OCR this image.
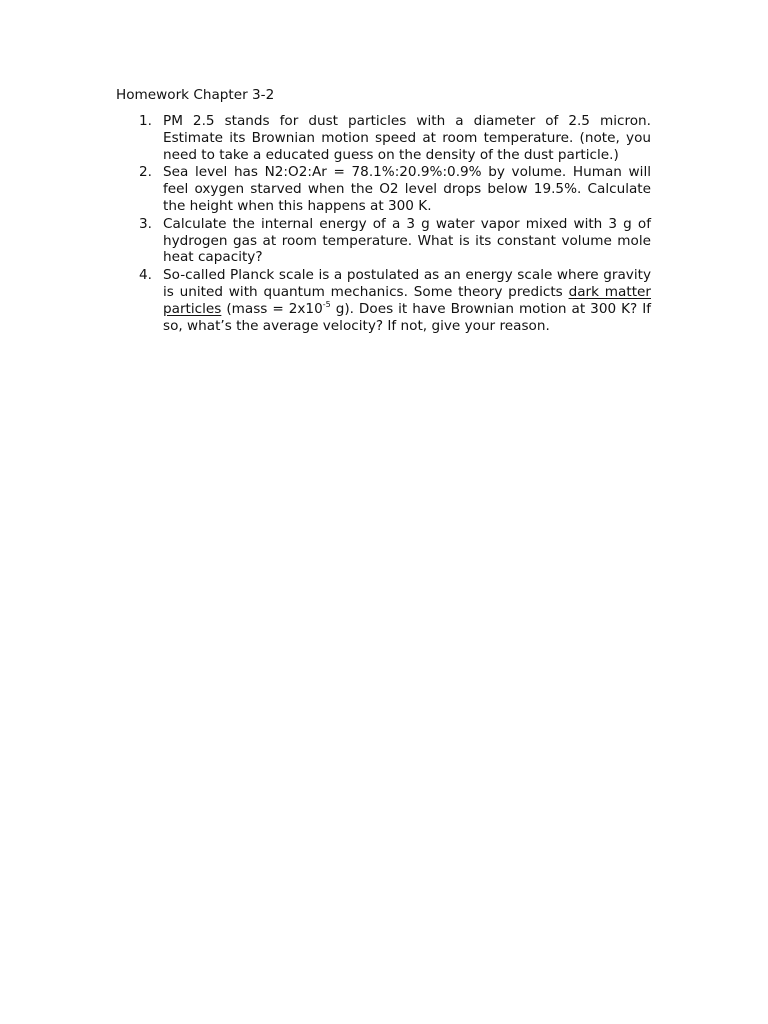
Homework Chapter 3-2
1. PM 2.5 stands for dust particles with a diameter of 2.5 micron. Estimate its Brownian motion speed at room temperature. (note, you need to take a educated guess on the density of the dust particle.)
2. Sea level has N2:O2:Ar = 78.1%:20.9%:0.9% by volume. Human will feel oxygen starved when the O2 level drops below 19.5%. Calculate the height when this happens at 300 K.
3. Calculate the internal energy of a 3 g water vapor mixed with 3 g of hydrogen gas at room temperature. What is its constant volume mole heat capacity?
4. So-called Planck scale is a postulated as an energy scale where gravity is united with quantum mechanics. Some theory predicts dark matter particles (mass = $2x10^{-5}$ g). Does it have Brownian motion at 300 K? If so, what’s the average velocity? If not, give your reason.
